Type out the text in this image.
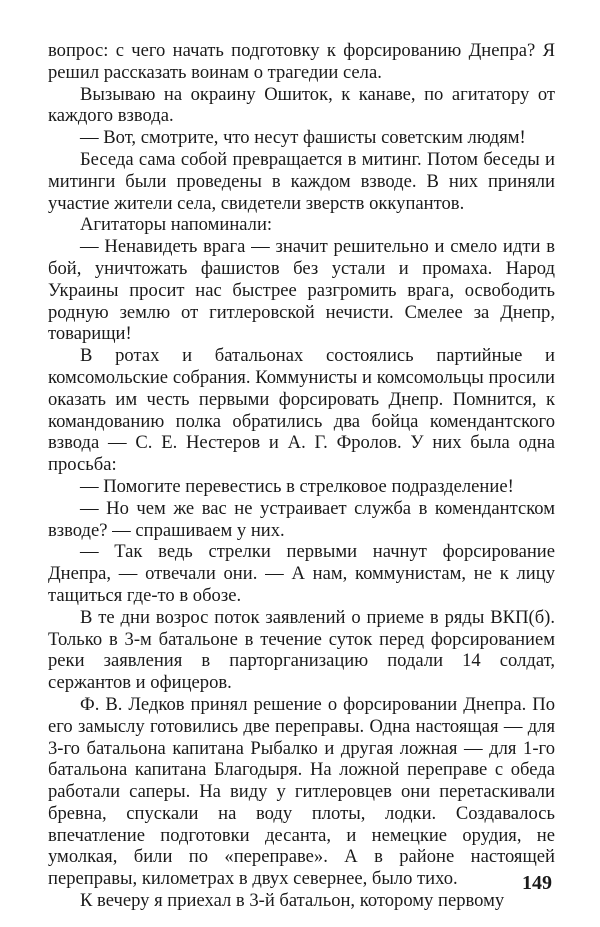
вопрос: с чего начать подготовку к форсированию Днепра? Я решил рассказать воинам о трагедии села.

Вызываю на окраину Ошиток, к канаве, по агитатору от каждого взвода.

— Вот, смотрите, что несут фашисты советским людям!

Беседа сама собой превращается в митинг. Потом беседы и митинги были проведены в каждом взводе. В них приняли участие жители села, свидетели зверств оккупантов.

Агитаторы напоминали:

— Ненавидеть врага — значит решительно и смело идти в бой, уничтожать фашистов без устали и промаха. Народ Украины просит нас быстрее разгромить врага, освободить родную землю от гитлеровской нечисти. Смелее за Днепр, товарищи!

В ротах и батальонах состоялись партийные и комсомольские собрания. Коммунисты и комсомольцы просили оказать им честь первыми форсировать Днепр. Помнится, к командованию полка обратились два бойца комендантского взвода — С. Е. Нестеров и А. Г. Фролов. У них была одна просьба:

— Помогите перевестись в стрелковое подразделение!

— Но чем же вас не устраивает служба в комендантском взводе? — спрашиваем у них.

— Так ведь стрелки первыми начнут форсирование Днепра, — отвечали они. — А нам, коммунистам, не к лицу тащиться где-то в обозе.

В те дни возрос поток заявлений о приеме в ряды ВКП(б). Только в 3-м батальоне в течение суток перед форсированием реки заявления в парторганизацию подали 14 солдат, сержантов и офицеров.

Ф. В. Ледков принял решение о форсировании Днепра. По его замыслу готовились две переправы. Одна настоящая — для 3-го батальона капитана Рыбалко и другая ложная — для 1-го батальона капитана Благодыря. На ложной переправе с обеда работали саперы. На виду у гитлеровцев они перетаскивали бревна, спускали на воду плоты, лодки. Создавалось впечатление подготовки десанта, и немецкие орудия, не умолкая, били по «переправе». А в районе настоящей переправы, километрах в двух севернее, было тихо.

К вечеру я приехал в 3-й батальон, которому первому

149
